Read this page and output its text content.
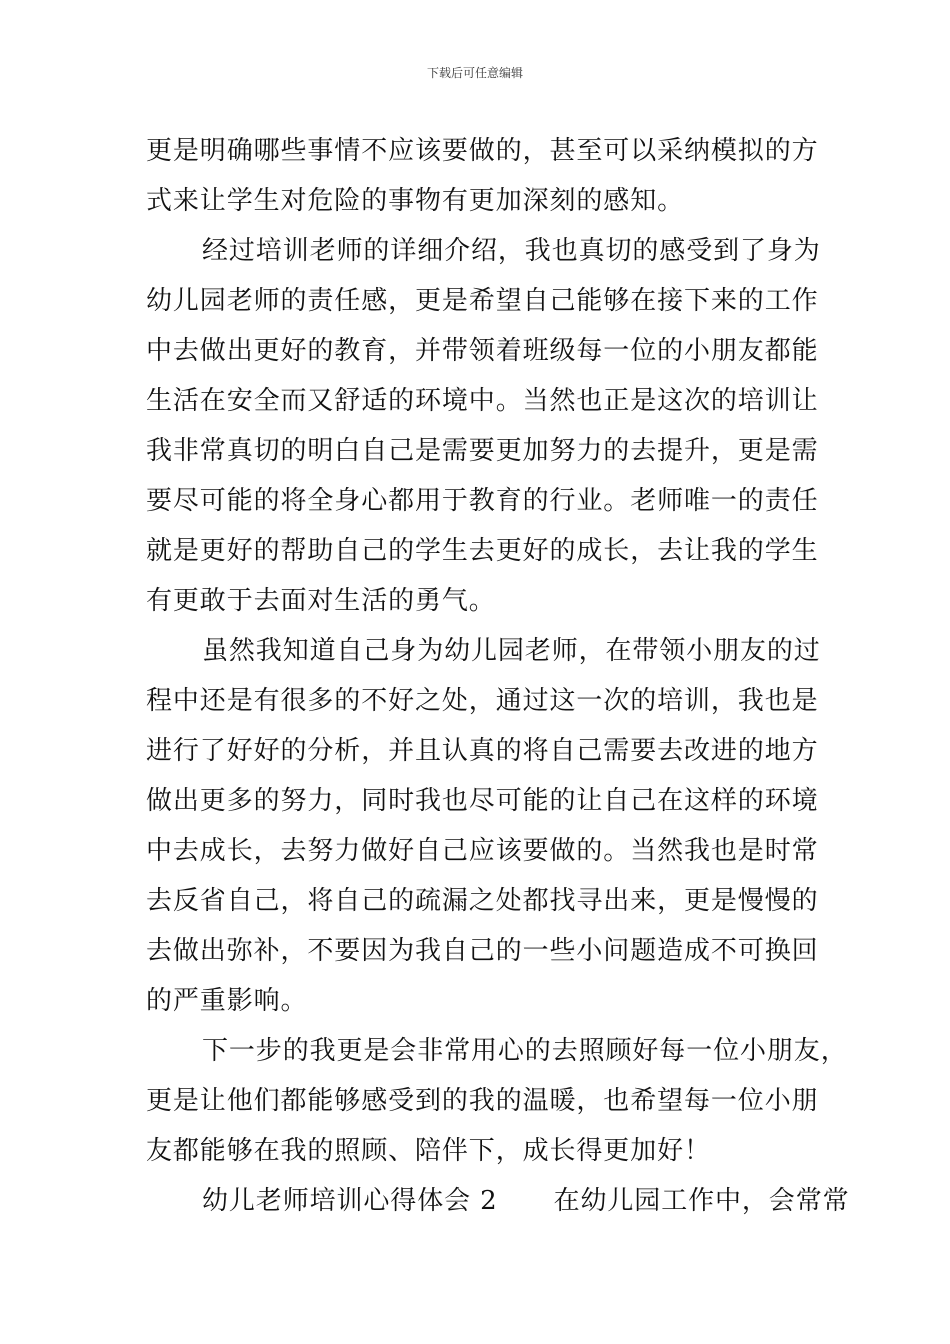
下载后可任意编辑
更是明确哪些事情不应该要做的，甚至可以采纳模拟的方
式来让学生对危险的事物有更加深刻的感知。
经过培训老师的详细介绍，我也真切的感受到了身为
幼儿园老师的责任感，更是希望自己能够在接下来的工作
中去做出更好的教育，并带领着班级每一位的小朋友都能
生活在安全而又舒适的环境中。当然也正是这次的培训让
我非常真切的明白自己是需要更加努力的去提升，更是需
要尽可能的将全身心都用于教育的行业。老师唯一的责任
就是更好的帮助自己的学生去更好的成长，去让我的学生
有更敢于去面对生活的勇气。
虽然我知道自己身为幼儿园老师，在带领小朋友的过
程中还是有很多的不好之处，通过这一次的培训，我也是
进行了好好的分析，并且认真的将自己需要去改进的地方
做出更多的努力，同时我也尽可能的让自己在这样的环境
中去成长，去努力做好自己应该要做的。当然我也是时常
去反省自己，将自己的疏漏之处都找寻出来，更是慢慢的
去做出弥补，不要因为我自己的一些小问题造成不可换回
的严重影响。
下一步的我更是会非常用心的去照顾好每一位小朋友，
更是让他们都能够感受到的我的温暖，也希望每一位小朋
友都能够在我的照顾、陪伴下，成长得更加好！
幼儿老师培训心得体会 2 在幼儿园工作中，会常常
